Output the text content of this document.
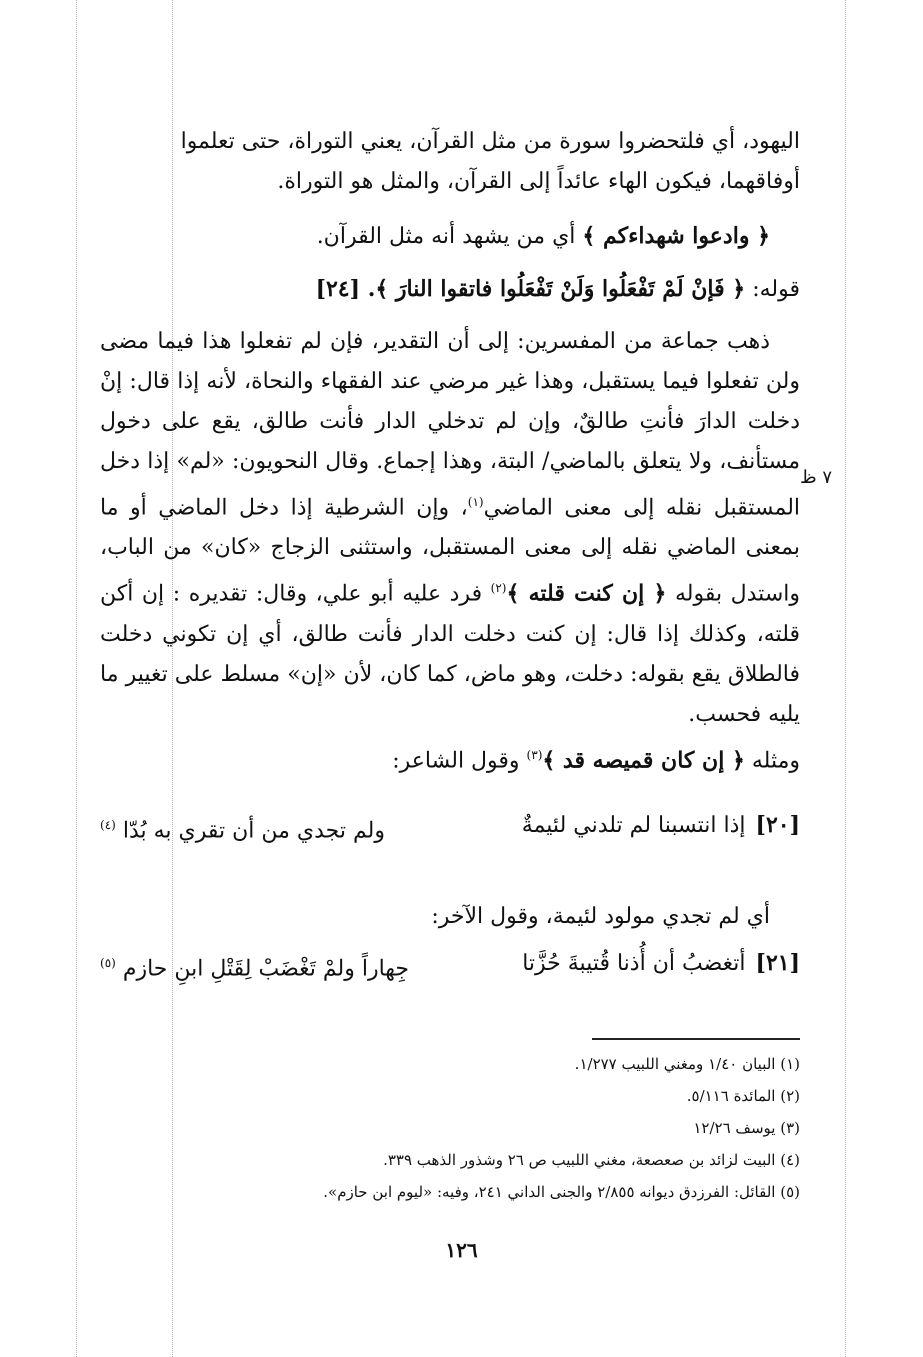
اليهود، أي فلتحضروا سورة من مثل القرآن، يعني التوراة، حتى تعلموا

أوفاقهما، فيكون الهاء عائداً إلى القرآن، والمثل هو التوراة.

﴿ وادعوا شهداءكم ﴾ أي من يشهد أنه مثل القرآن.

قوله: ﴿ فَإنْ لَمْ تَفْعَلُوا وَلَنْ تَفْعَلُوا فاتقوا النارَ ﴾. [٢٤]

ذهب جماعة من المفسرين: إلى أن التقدير، فإن لم تفعلوا هذا فيما مضى ولن تفعلوا فيما يستقبل، وهذا غير مرضي عند الفقهاء والنحاة، لأنه إذا قال: إنْ دخلت الدارَ فأنتِ طالقٌ، وإن لم تدخلي الدار فأنت طالق، يقع على دخول مستأنف، ولا يتعلق بالماضي/ البتة، وهذا إجماع. وقال النحويون: «لم» إذا دخل المستقبل نقله إلى معنى الماضي$^{(١)}$، وإن الشرطية إذا دخل الماضي أو ما بمعنى الماضي نقله إلى معنى المستقبل، واستثنى الزجاج «كان» من الباب، واستدل بقوله ﴿ إن كنت قلته ﴾$^{(٢)}$ فرد عليه أبو علي، وقال: تقديره : إن أكن قلته، وكذلك إذا قال: إن كنت دخلت الدار فأنت طالق، أي إن تكوني دخلت فالطلاق يقع بقوله: دخلت، وهو ماض، كما كان، لأن «إن» مسلط على تغيير ما يليه فحسب.

ومثله ﴿ إن كان قميصه قد ﴾$^{(٣)}$ وقول الشاعر:

[٢٠]إذا انتسبنا لم تلدني لئيمةٌ
ولم تجدي من أن تقري به بُدّا $^{(٤)}$

أي لم تجدي مولود لئيمة، وقول الآخر:

[٢١]أتغضبُ أن أُذنا قُتيبةَ حُزَّتا
جِهاراً ولمْ تَغْضَبْ لِقَتْلِ ابنِ حازم $^{(٥)}$
(١) البيان ١/٤٠ ومغني اللبيب ١/٢٧٧.
(٢) المائدة ٥/١١٦.
(٣) يوسف ١٢/٢٦
(٤) البيت لزائد بن صعصعة، مغني اللبيب ص ٢٦ وشذور الذهب ٣٣٩.
(٥) القائل: الفرزدق ديوانه ٢/٨٥٥ والجنى الداني ٢٤١، وفيه: «ليوم ابن حازم».
٧ ظ
١٢٦
